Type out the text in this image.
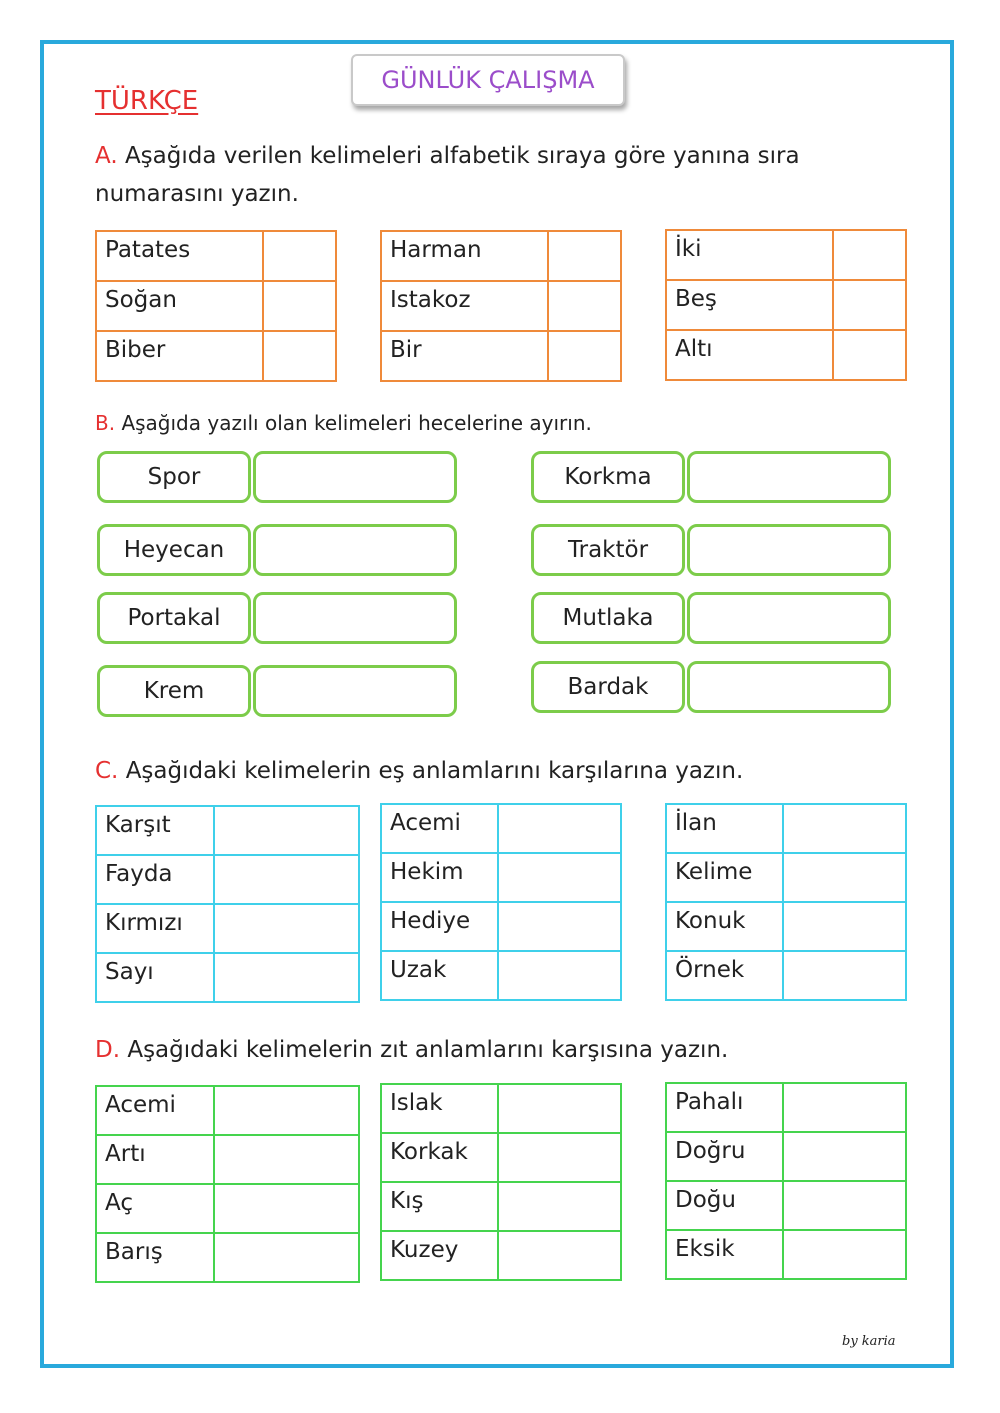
GÜNLÜK ÇALIŞMA
TÜRKÇE
A. Aşağıda verilen kelimeleri alfabetik sıraya göre yanına sıra
numarasını yazın.
Patates	
Soğan	
Biber	
Harman	
Istakoz	
Bir	
İki	
Beş	
Altı	
B. Aşağıda yazılı olan kelimeleri hecelerine ayırın.
Spor
Heyecan
Portakal
Krem
Korkma
Traktör
Mutlaka
Bardak
C. Aşağıdaki kelimelerin eş anlamlarını karşılarına yazın.
Karşıt	
Fayda	
Kırmızı	
Sayı	
Acemi	
Hekim	
Hediye	
Uzak	
İlan	
Kelime	
Konuk	
Örnek	
D. Aşağıdaki kelimelerin zıt anlamlarını karşısına yazın.
Acemi	
Artı	
Aç	
Barış	
Islak	
Korkak	
Kış	
Kuzey	
Pahalı	
Doğru	
Doğu	
Eksik	
by karia
